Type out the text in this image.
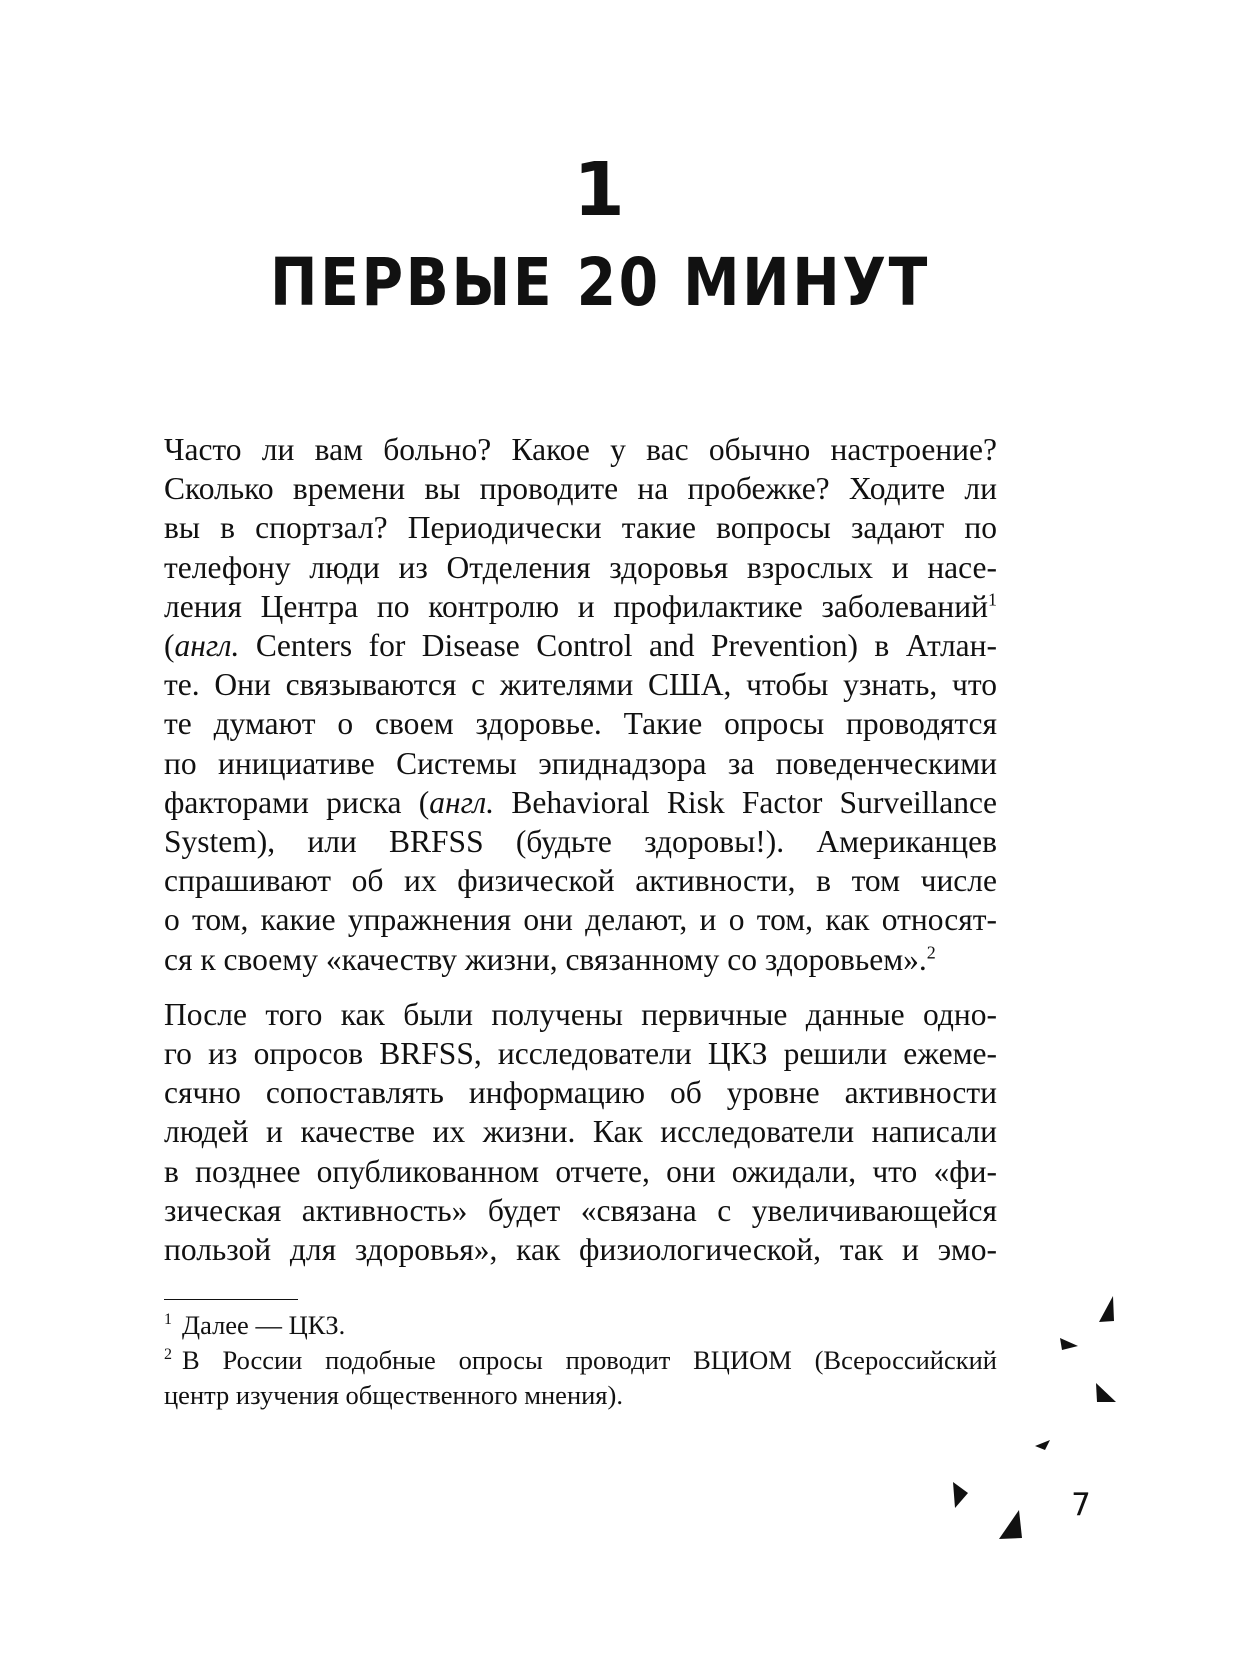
1
ПЕРВЫЕ 20 МИНУТ

Часто ли вам больно? Какое у вас обычно настроение?
Сколько времени вы проводите на пробежке? Ходите ли
вы в спортзал? Периодически такие вопросы задают по
телефону люди из Отделения здоровья взрослых и насе-
ления Центра по контролю и профилактике заболеваний$^1$
(англ. Centers for Disease Control and Prevention) в Атлан-
те. Они связываются с жителями США, чтобы узнать, что
те думают о своем здоровье. Такие опросы проводятся
по инициативе Системы эпиднадзора за поведенческими
факторами риска (англ. Behavioral Risk Factor Surveillance
System), или BRFSS (будьте здоровы!). Американцев
спрашивают об их физической активности, в том числе
о том, какие упражнения они делают, и о том, как относят-
ся к своему «качеству жизни, связанному со здоровьем».$^2$

После того как были получены первичные данные одно-
го из опросов BRFSS, исследователи ЦКЗ решили ежеме-
сячно сопоставлять информацию об уровне активности
людей и качестве их жизни. Как исследователи написали
в позднее опубликованном отчете, они ожидали, что «фи-
зическая активность» будет «связана с увеличивающейся
пользой для здоровья», как физиологической, так и эмо-

$^1$ Далее — ЦКЗ.

$^2$ В России подобные опросы проводит ВЦИОМ (Всероссийский
центр изучения общественного мнения).

7
